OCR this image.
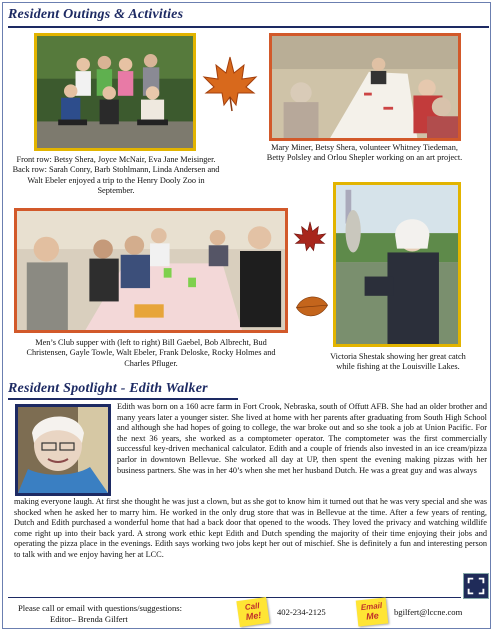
Resident Outings & Activities
Front row: Betsy Shera, Joyce McNair, Eva Jane Meisinger. Back row: Sarah Conry, Barb Stohlmann, Linda Andersen and Walt Ebeler enjoyed a trip to the Henry Dooly Zoo in September.
Mary Miner, Betsy Shera, volunteer Whitney Tiedeman, Betty Polsley and Orlou Shepler working on an art project.
Men’s Club supper with (left to right) Bill Gaebel, Bob Albrecht, Bud Christensen, Gayle Towle, Walt Ebeler, Frank Deloske, Rocky Holmes and Charles Pfluger.
Victoria Shestak showing her great catch while fishing at the Louisville Lakes.
Resident Spotlight - Edith Walker
Edith was born on a 160 acre farm in Fort Crook, Nebraska, south of Offutt AFB. She had an older brother and many years later a younger sister. She lived at home with her parents after graduating from South High School and although she had hopes of going to college, the war broke out and so she took a job at Union Pacific. For the next 36 years, she worked as a comptometer operator. The comptometer was the first commercially successful key-driven mechanical calculator. Edith and a couple of friends also invested in an ice cream/pizza parlor in downtown Bellevue. She worked all day at UP, then spent the evening making pizzas with her business partners. She was in her 40’s when she met her husband Dutch. He was a great guy and was always
making everyone laugh. At first she thought he was just a clown, but as she got to know him it turned out that he was very special and she was shocked when he asked her to marry him. He worked in the only drug store that was in Bellevue at the time. After a few years of renting, Dutch and Edith purchased a wonderful home that had a back door that opened to the woods. They loved the privacy and watching wildlife come right up into their back yard. A strong work ethic kept Edith and Dutch spending the majority of their time enjoying their jobs and operating the pizza place in the evenings. Edith says working two jobs kept her out of mischief. She is definitely a fun and interesting person to talk with and we enjoy having her at LCC.
Please call or email with questions/suggestions:
Editor– Brenda Gilfert
Call
Me!	402-234-2125	Email
Me	bgilfert@lccne.com
